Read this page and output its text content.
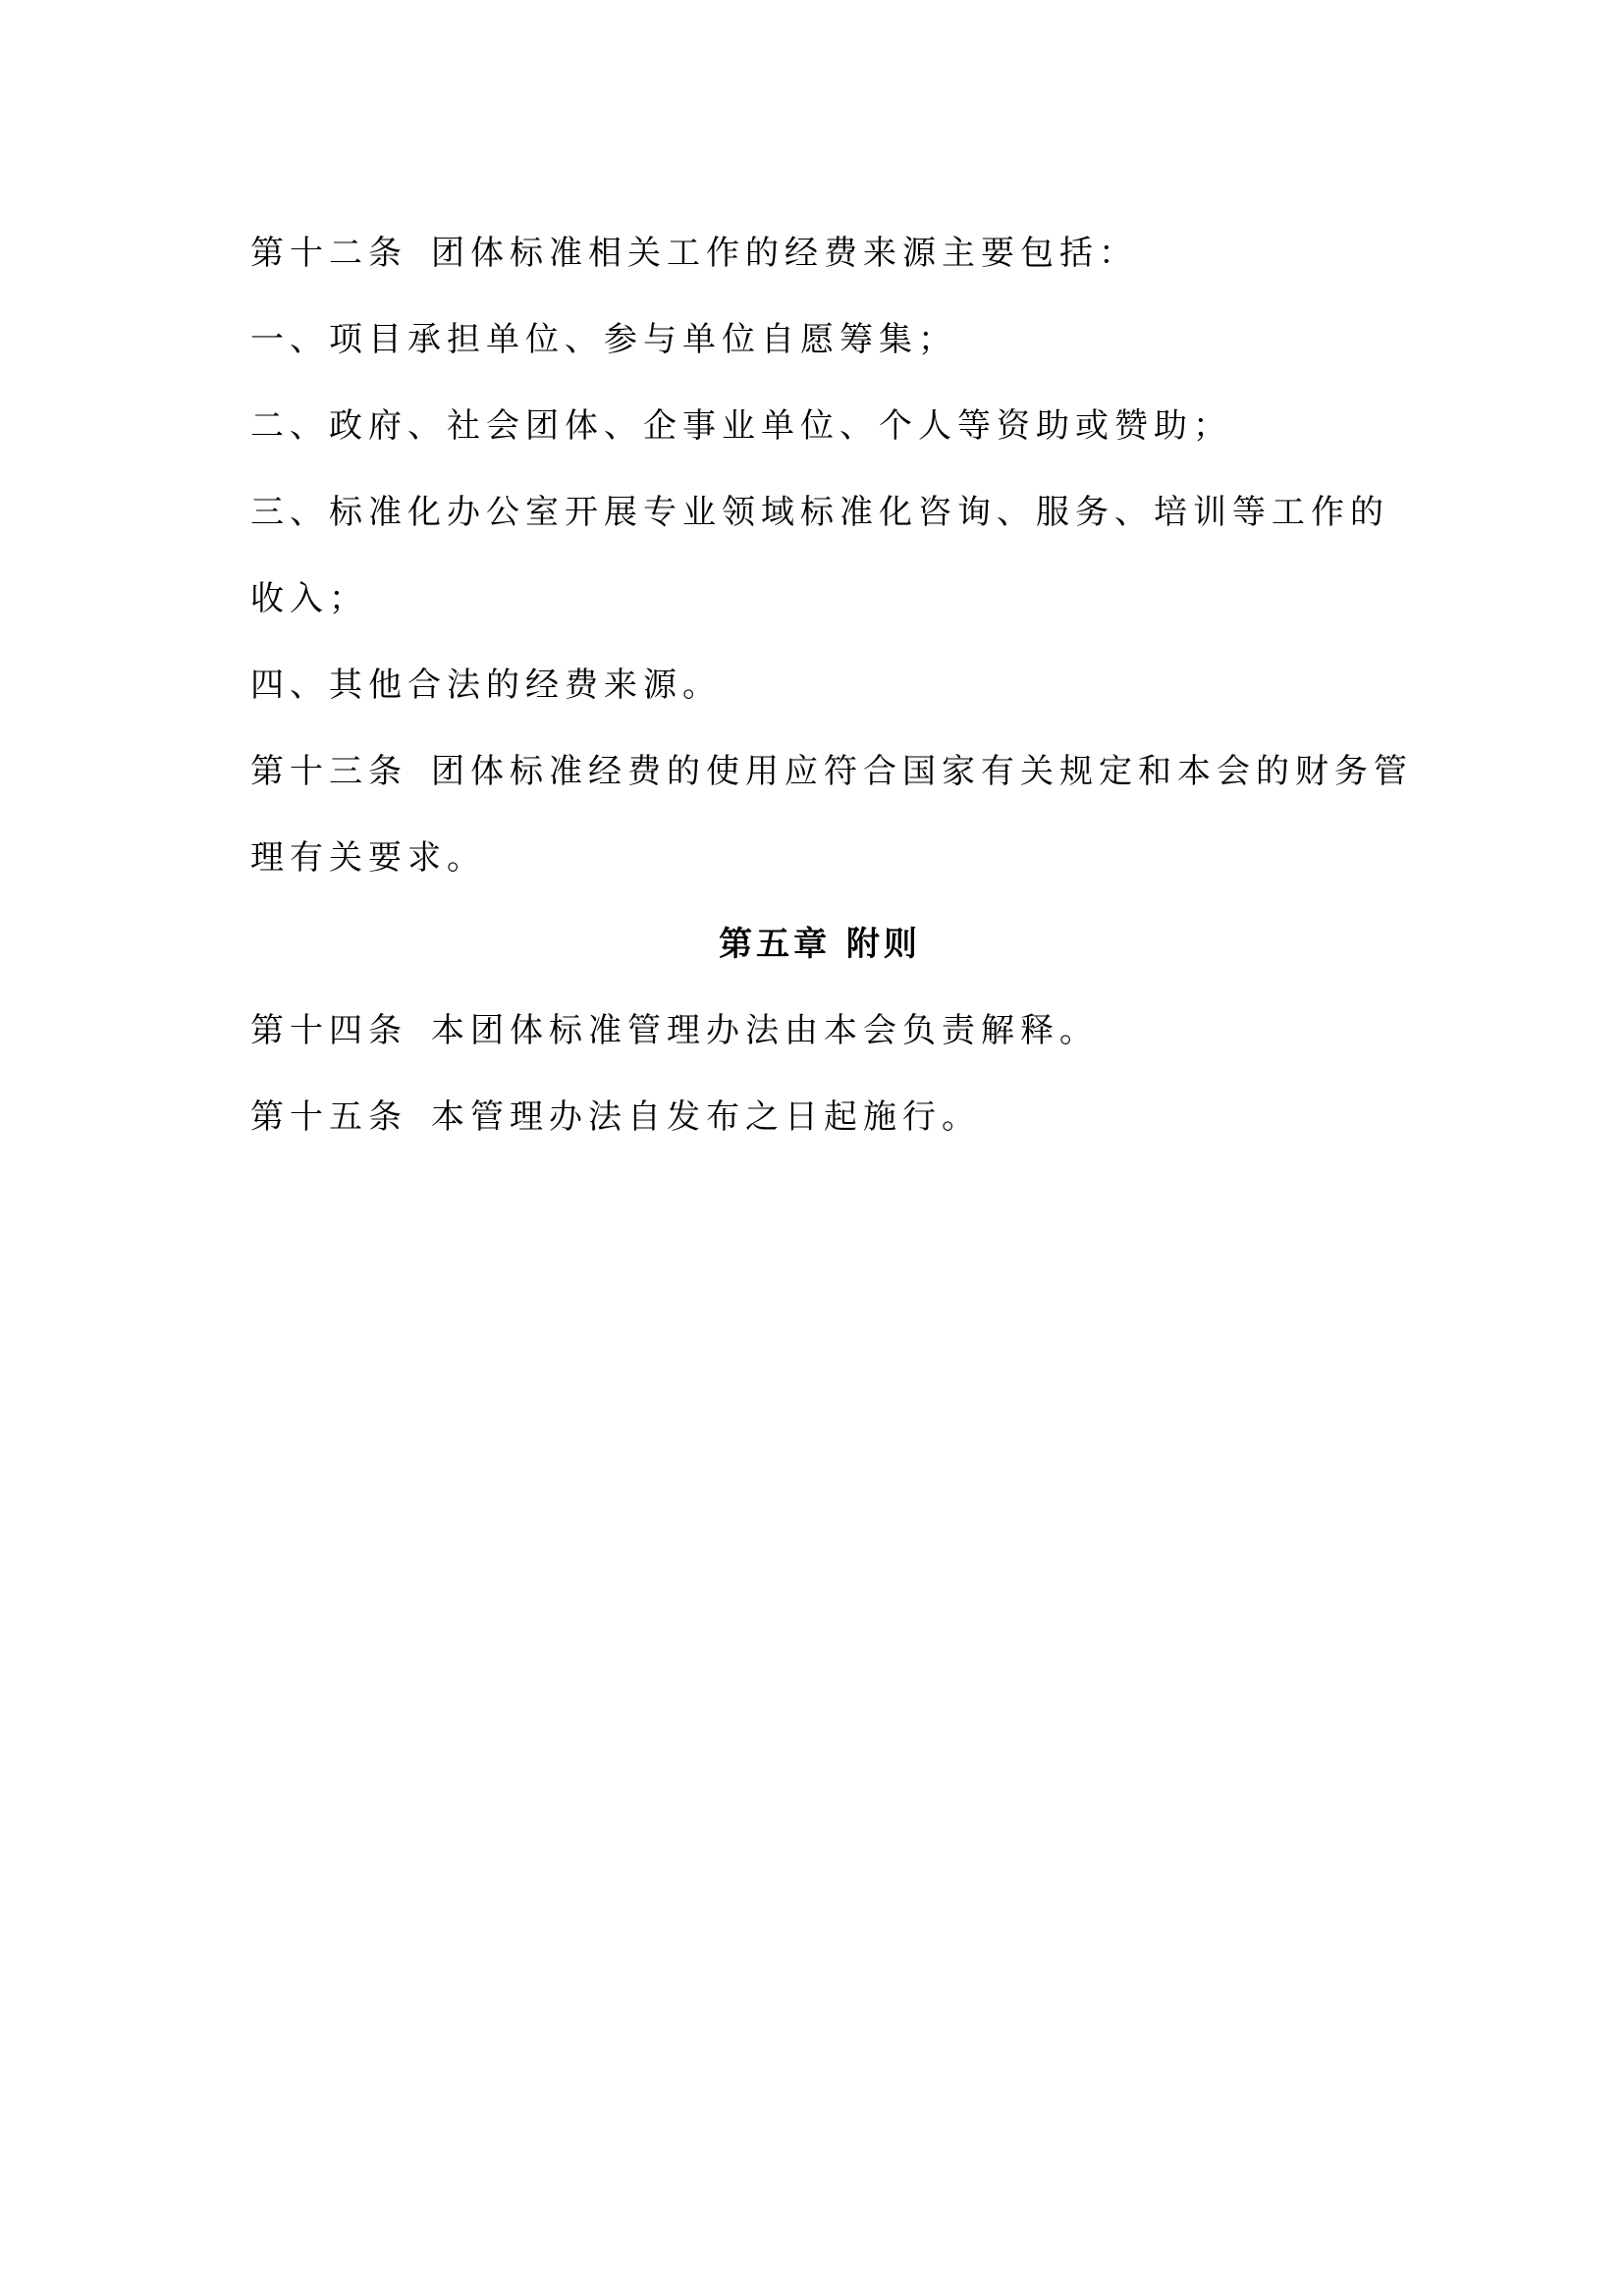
第十二条 团体标准相关工作的经费来源主要包括：
一、项目承担单位、参与单位自愿筹集；
二、政府、社会团体、企事业单位、个人等资助或赞助；
三、标准化办公室开展专业领域标准化咨询、服务、培训等工作的
收入；
四、其他合法的经费来源。
第十三条 团体标准经费的使用应符合国家有关规定和本会的财务管
理有关要求。
第五章 附则
第十四条 本团体标准管理办法由本会负责解释。
第十五条 本管理办法自发布之日起施行。
